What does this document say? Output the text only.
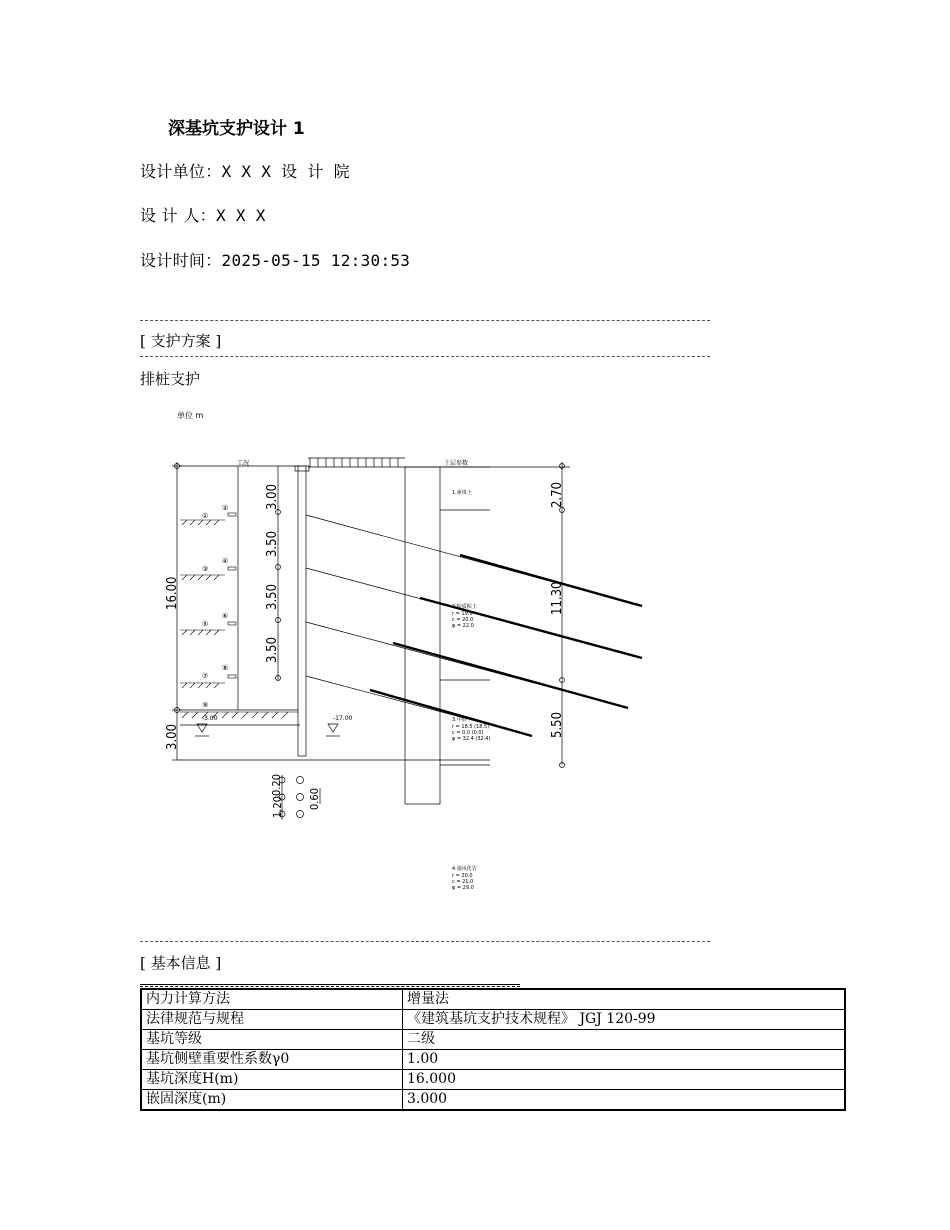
深基坑支护设计 1
设计单位：X X X 设 计 院
设 计 人：X X X
设计时间：2025-05-15 12:30:53
[ 支护方案 ]
排桩支护
单位 m
工况	土层参数
16.00
3.00
3.50
3.50
3.50
3.00
2.70
11.30
5.50
1.20 0.60
0.20
-3.00	-17.00
②
①
④
③
⑥
⑤
⑧
⑦
⑨
1.素填土
2.粉质粘土
r = 19.6
c = 20.0
φ = 22.0
3.中砂
r = 18.5 (18.5)
c = 0.0 (0.0)
φ = 32.4 (32.4)
4.强风化岩
r = 20.0
c = 21.0
φ = 29.0
[ 基本信息 ]
内力计算方法	增量法
法律规范与规程	《建筑基坑支护技术规程》 JGJ 120-99
基坑等级	二级
基坑侧壁重要性系数γ0	1.00
基坑深度H(m)	16.000
嵌固深度(m)	3.000
